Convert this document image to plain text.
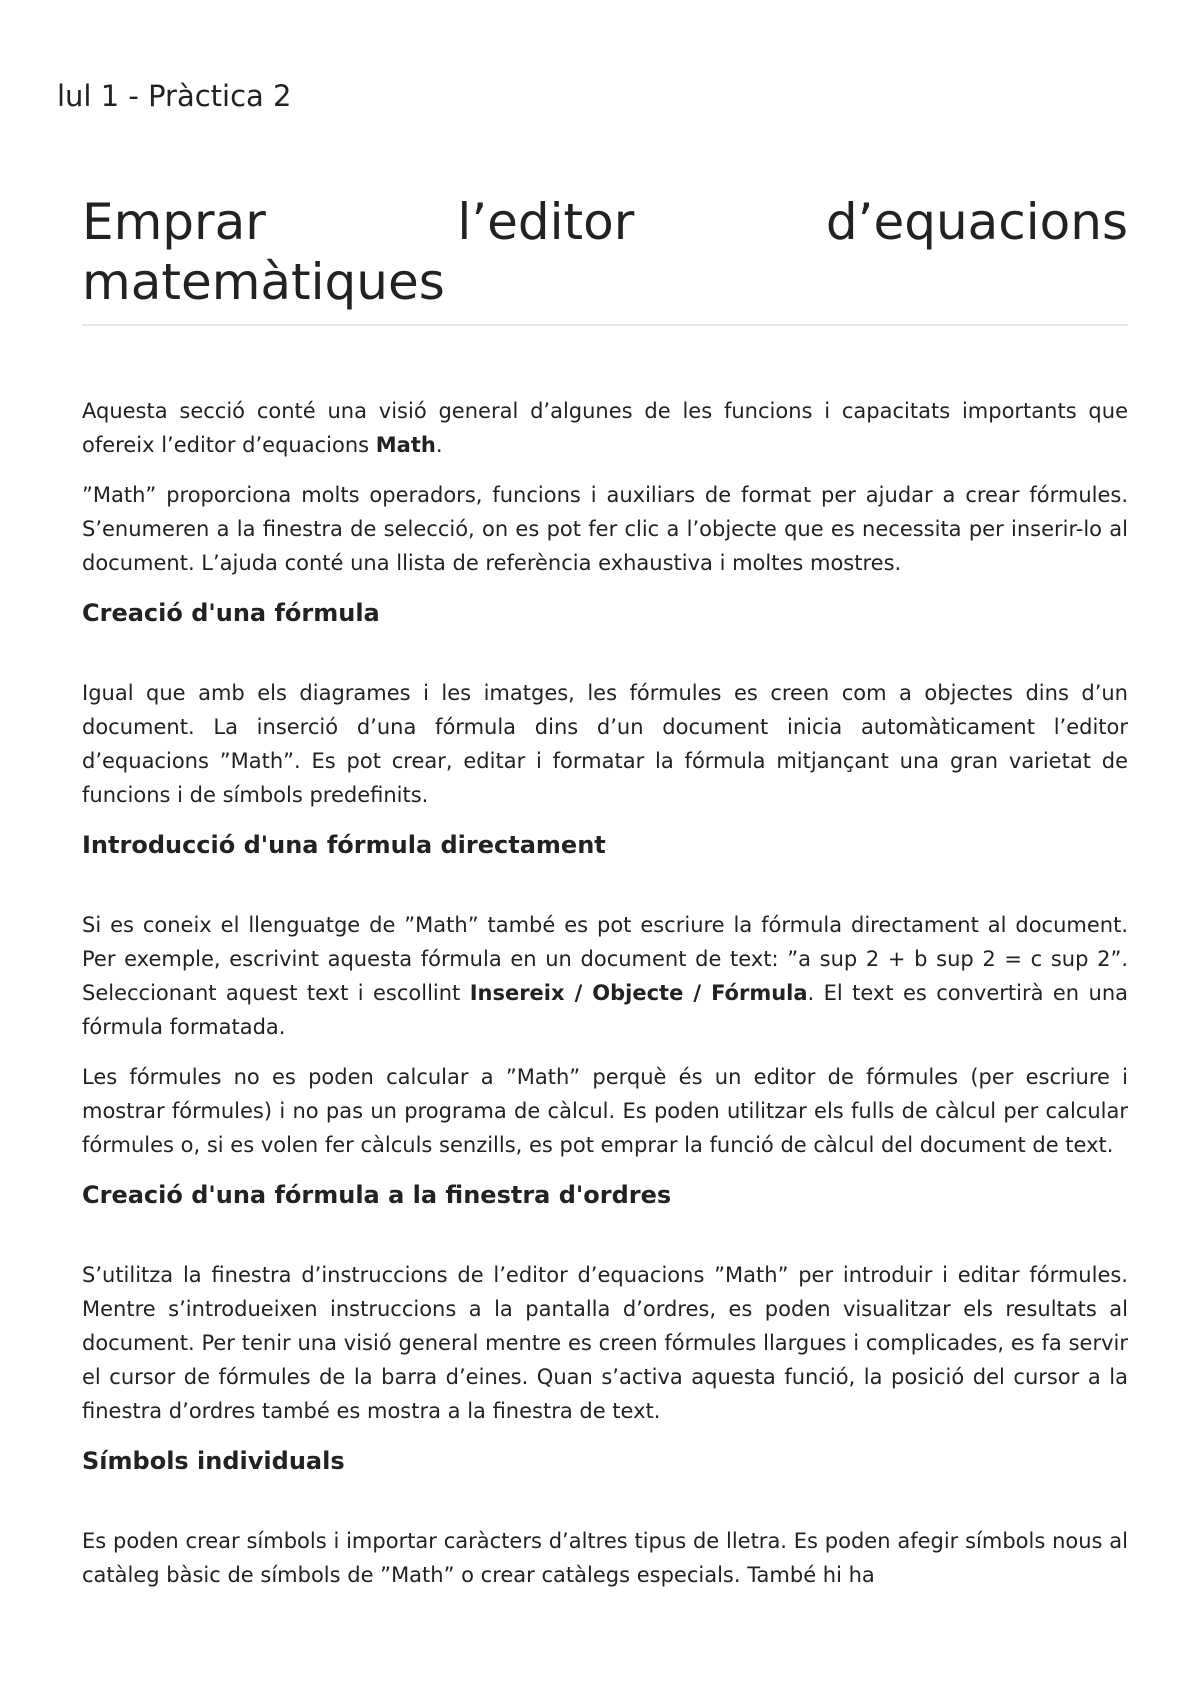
lul 1 - Pràctica 2
Emprar l’editor d’equacions matemàtiques

Aquesta secció conté una visió general d’algunes de les funcions i capacitats importants que ofereix l’editor d’equacions Math.

”Math” proporciona molts operadors, funcions i auxiliars de format per ajudar a crear fórmules. S’enumeren a la finestra de selecció, on es pot fer clic a l’objecte que es necessita per inserir-lo al document. L’ajuda conté una llista de referència exhaustiva i moltes mostres.

Creació d'una fórmula

Igual que amb els diagrames i les imatges, les fórmules es creen com a objectes dins d’un document. La inserció d’una fórmula dins d’un document inicia automàticament l’editor d’equacions ”Math”. Es pot crear, editar i formatar la fórmula mitjançant una gran varietat de funcions i de símbols predefinits.

Introducció d'una fórmula directament

Si es coneix el llenguatge de ”Math” també es pot escriure la fórmula directament al document. Per exemple, escrivint aquesta fórmula en un document de text: ”a sup 2 + b sup 2 = c sup 2”. Seleccionant aquest text i escollint Insereix / Objecte / Fórmula. El text es convertirà en una fórmula formatada.

Les fórmules no es poden calcular a ”Math” perquè és un editor de fórmules (per escriure i mostrar fórmules) i no pas un programa de càlcul. Es poden utilitzar els fulls de càlcul per calcular fórmules o, si es volen fer càlculs senzills, es pot emprar la funció de càlcul del document de text.

Creació d'una fórmula a la finestra d'ordres

S’utilitza la finestra d’instruccions de l’editor d’equacions ”Math” per introduir i editar fórmules. Mentre s’introdueixen instruccions a la pantalla d’ordres, es poden visualitzar els resultats al document. Per tenir una visió general mentre es creen fórmules llargues i complicades, es fa servir el cursor de fórmules de la barra d’eines. Quan s’activa aquesta funció, la posició del cursor a la finestra d’ordres també es mostra a la finestra de text.

Símbols individuals

Es poden crear símbols i importar caràcters d’altres tipus de lletra. Es poden afegir símbols nous al catàleg bàsic de símbols de ”Math” o crear catàlegs especials. També hi ha
